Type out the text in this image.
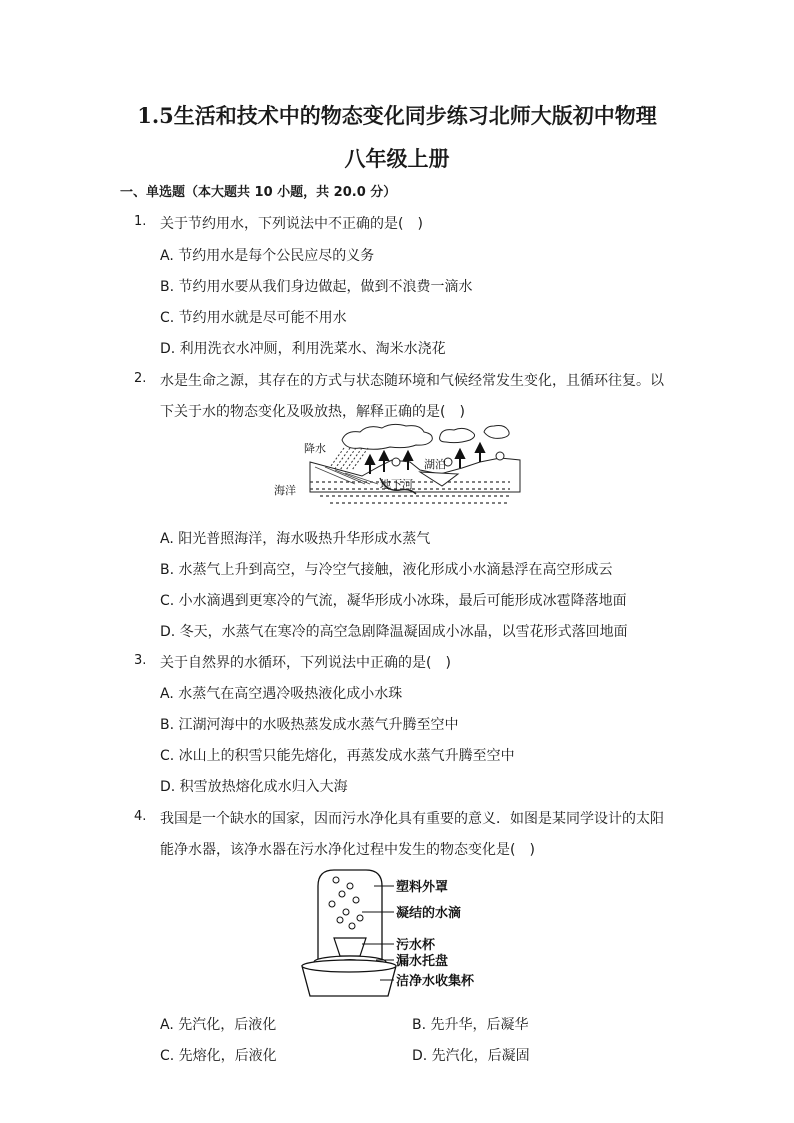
1.5生活和技术中的物态变化同步练习北师大版初中物理
八年级上册
一、单选题（本大题共 10 小题，共 20.0 分）
1. 关于节约用水，下列说法中不正确的是(　)
A. 节约用水是每个公民应尽的义务
B. 节约用水要从我们身边做起，做到不浪费一滴水
C. 节约用水就是尽可能不用水
D. 利用洗衣水冲厕，利用洗菜水、淘米水浇花
2. 水是生命之源，其存在的方式与状态随环境和气候经常发生变化，且循环往复。以
下关于水的物态变化及吸放热，解释正确的是(　)
降水
海洋
湖泊
地下河
A. 阳光普照海洋，海水吸热升华形成水蒸气
B. 水蒸气上升到高空，与冷空气接触，液化形成小水滴悬浮在高空形成云
C. 小水滴遇到更寒冷的气流，凝华形成小冰珠，最后可能形成冰雹降落地面
D. 冬天，水蒸气在寒冷的高空急剧降温凝固成小冰晶，以雪花形式落回地面
3. 关于自然界的水循环，下列说法中正确的是(　)
A. 水蒸气在高空遇冷吸热液化成小水珠
B. 江湖河海中的水吸热蒸发成水蒸气升腾至空中
C. 冰山上的积雪只能先熔化，再蒸发成水蒸气升腾至空中
D. 积雪放热熔化成水归入大海
4. 我国是一个缺水的国家，因而污水净化具有重要的意义．如图是某同学设计的太阳
能净水器，该净水器在污水净化过程中发生的物态变化是(　)
塑料外罩
凝结的水滴
污水杯
漏水托盘
洁净水收集杯
A. 先汽化，后液化	B. 先升华，后凝华
C. 先熔化，后液化	D. 先汽化，后凝固
